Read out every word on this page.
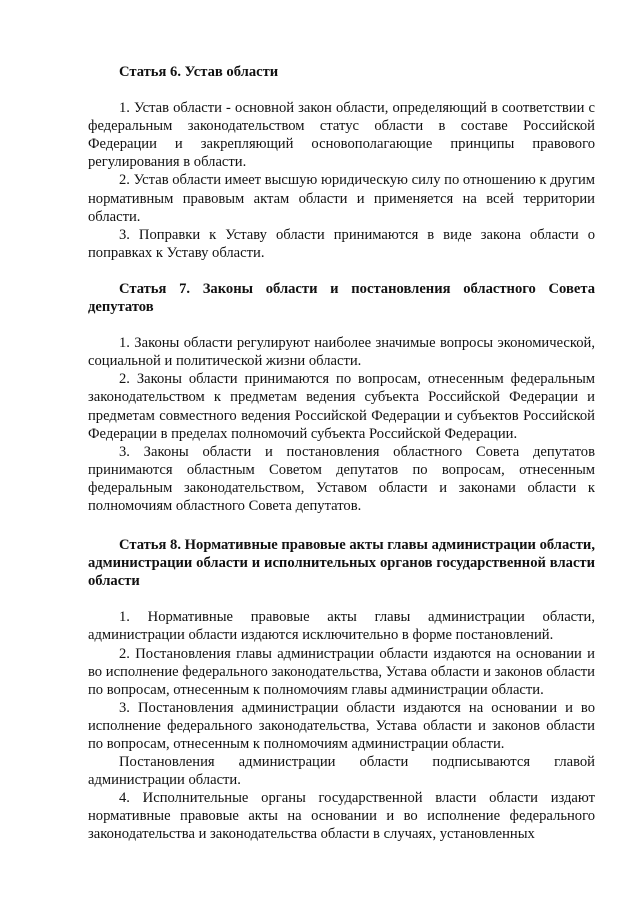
Статья 6. Устав области

1. Устав области - основной закон области, определяющий в соответствии с федеральным законодательством статус области в составе Российской Федерации и закрепляющий основополагающие принципы правового регулирования в области.

2. Устав области имеет высшую юридическую силу по отношению к другим нормативным правовым актам области и применяется на всей территории области.

3. Поправки к Уставу области принимаются в виде закона области о поправках к Уставу области.

Статья 7. Законы области и постановления областного Совета депутатов

1. Законы области регулируют наиболее значимые вопросы экономической, социальной и политической жизни области.

2. Законы области принимаются по вопросам, отнесенным федеральным законодательством к предметам ведения субъекта Российской Федерации и предметам совместного ведения Российской Федерации и субъектов Российской Федерации в пределах полномочий субъекта Российской Федерации.

3. Законы области и постановления областного Совета депутатов принимаются областным Советом депутатов по вопросам, отнесенным федеральным законодательством, Уставом области и законами области к полномочиям областного Совета депутатов.

Статья 8. Нормативные правовые акты главы администрации области, администрации области и исполнительных органов государственной власти области

1. Нормативные правовые акты главы администрации области, администрации области издаются исключительно в форме постановлений.

2. Постановления главы администрации области издаются на основании и во исполнение федерального законодательства, Устава области и законов области по вопросам, отнесенным к полномочиям главы администрации области.

3. Постановления администрации области издаются на основании и во исполнение федерального законодательства, Устава области и законов области по вопросам, отнесенным к полномочиям администрации области.

Постановления администрации области подписываются главой администрации области.

4. Исполнительные органы государственной власти области издают нормативные правовые акты на основании и во исполнение федерального законодательства и законодательства области в случаях, установленных
